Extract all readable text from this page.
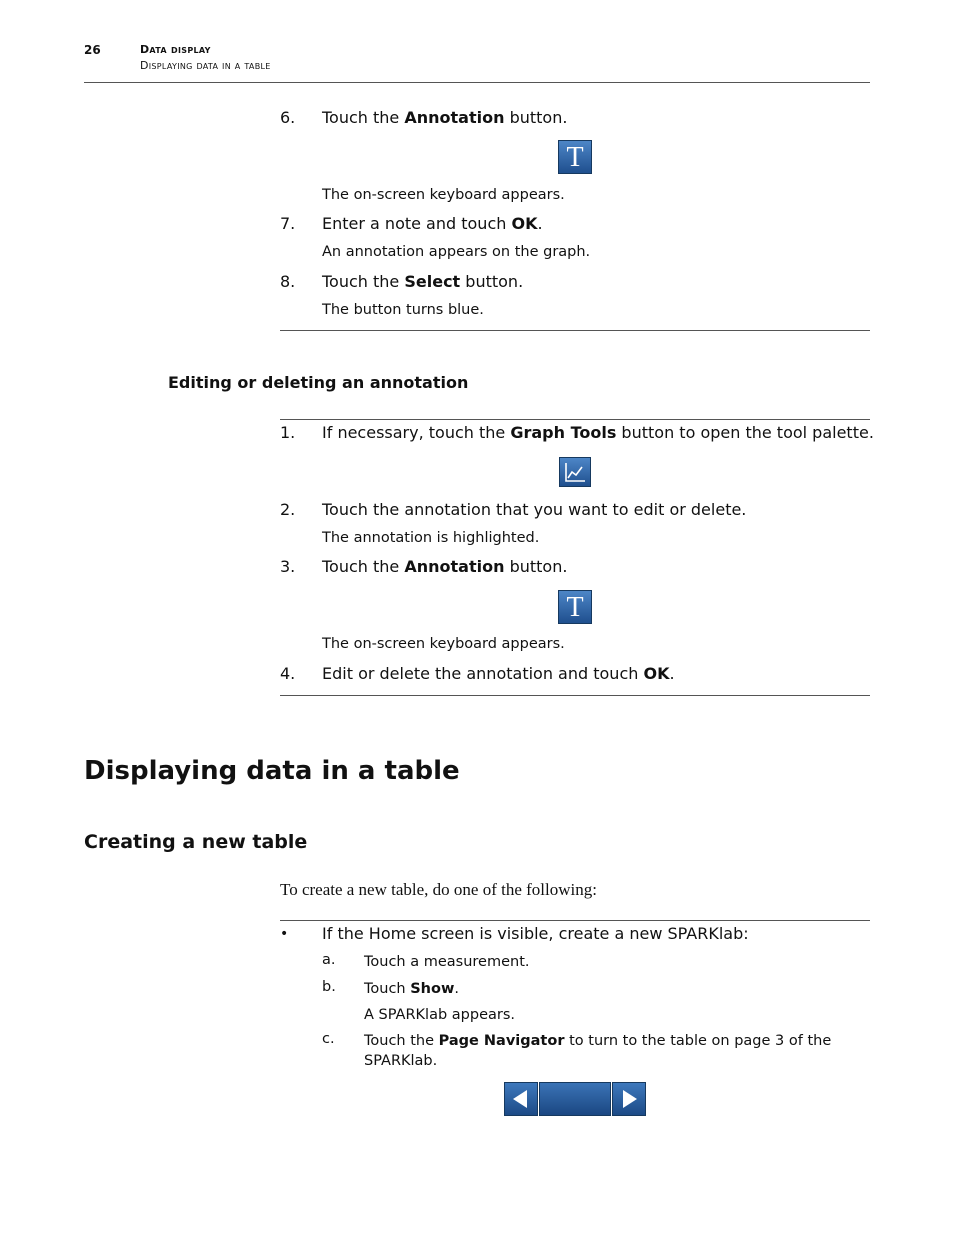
26	Data display
Displaying data in a table
6. Touch the Annotation button.
T
The on-screen keyboard appears.
7. Enter a note and touch OK.
An annotation appears on the graph.
8. Touch the Select button.
The button turns blue.
Editing or deleting an annotation
1. If necessary, touch the Graph Tools button to open the tool palette.
2. Touch the annotation that you want to edit or delete.
The annotation is highlighted.
3. Touch the Annotation button.
T
The on-screen keyboard appears.
4. Edit or delete the annotation and touch OK.
Displaying data in a table
Creating a new table
To create a new table, do one of the following:
• If the Home screen is visible, create a new SPARKlab:
a. Touch a measurement.
b. Touch Show.
A SPARKlab appears.
c. Touch the Page Navigator to turn to the table on page 3 of the
SPARKlab.
